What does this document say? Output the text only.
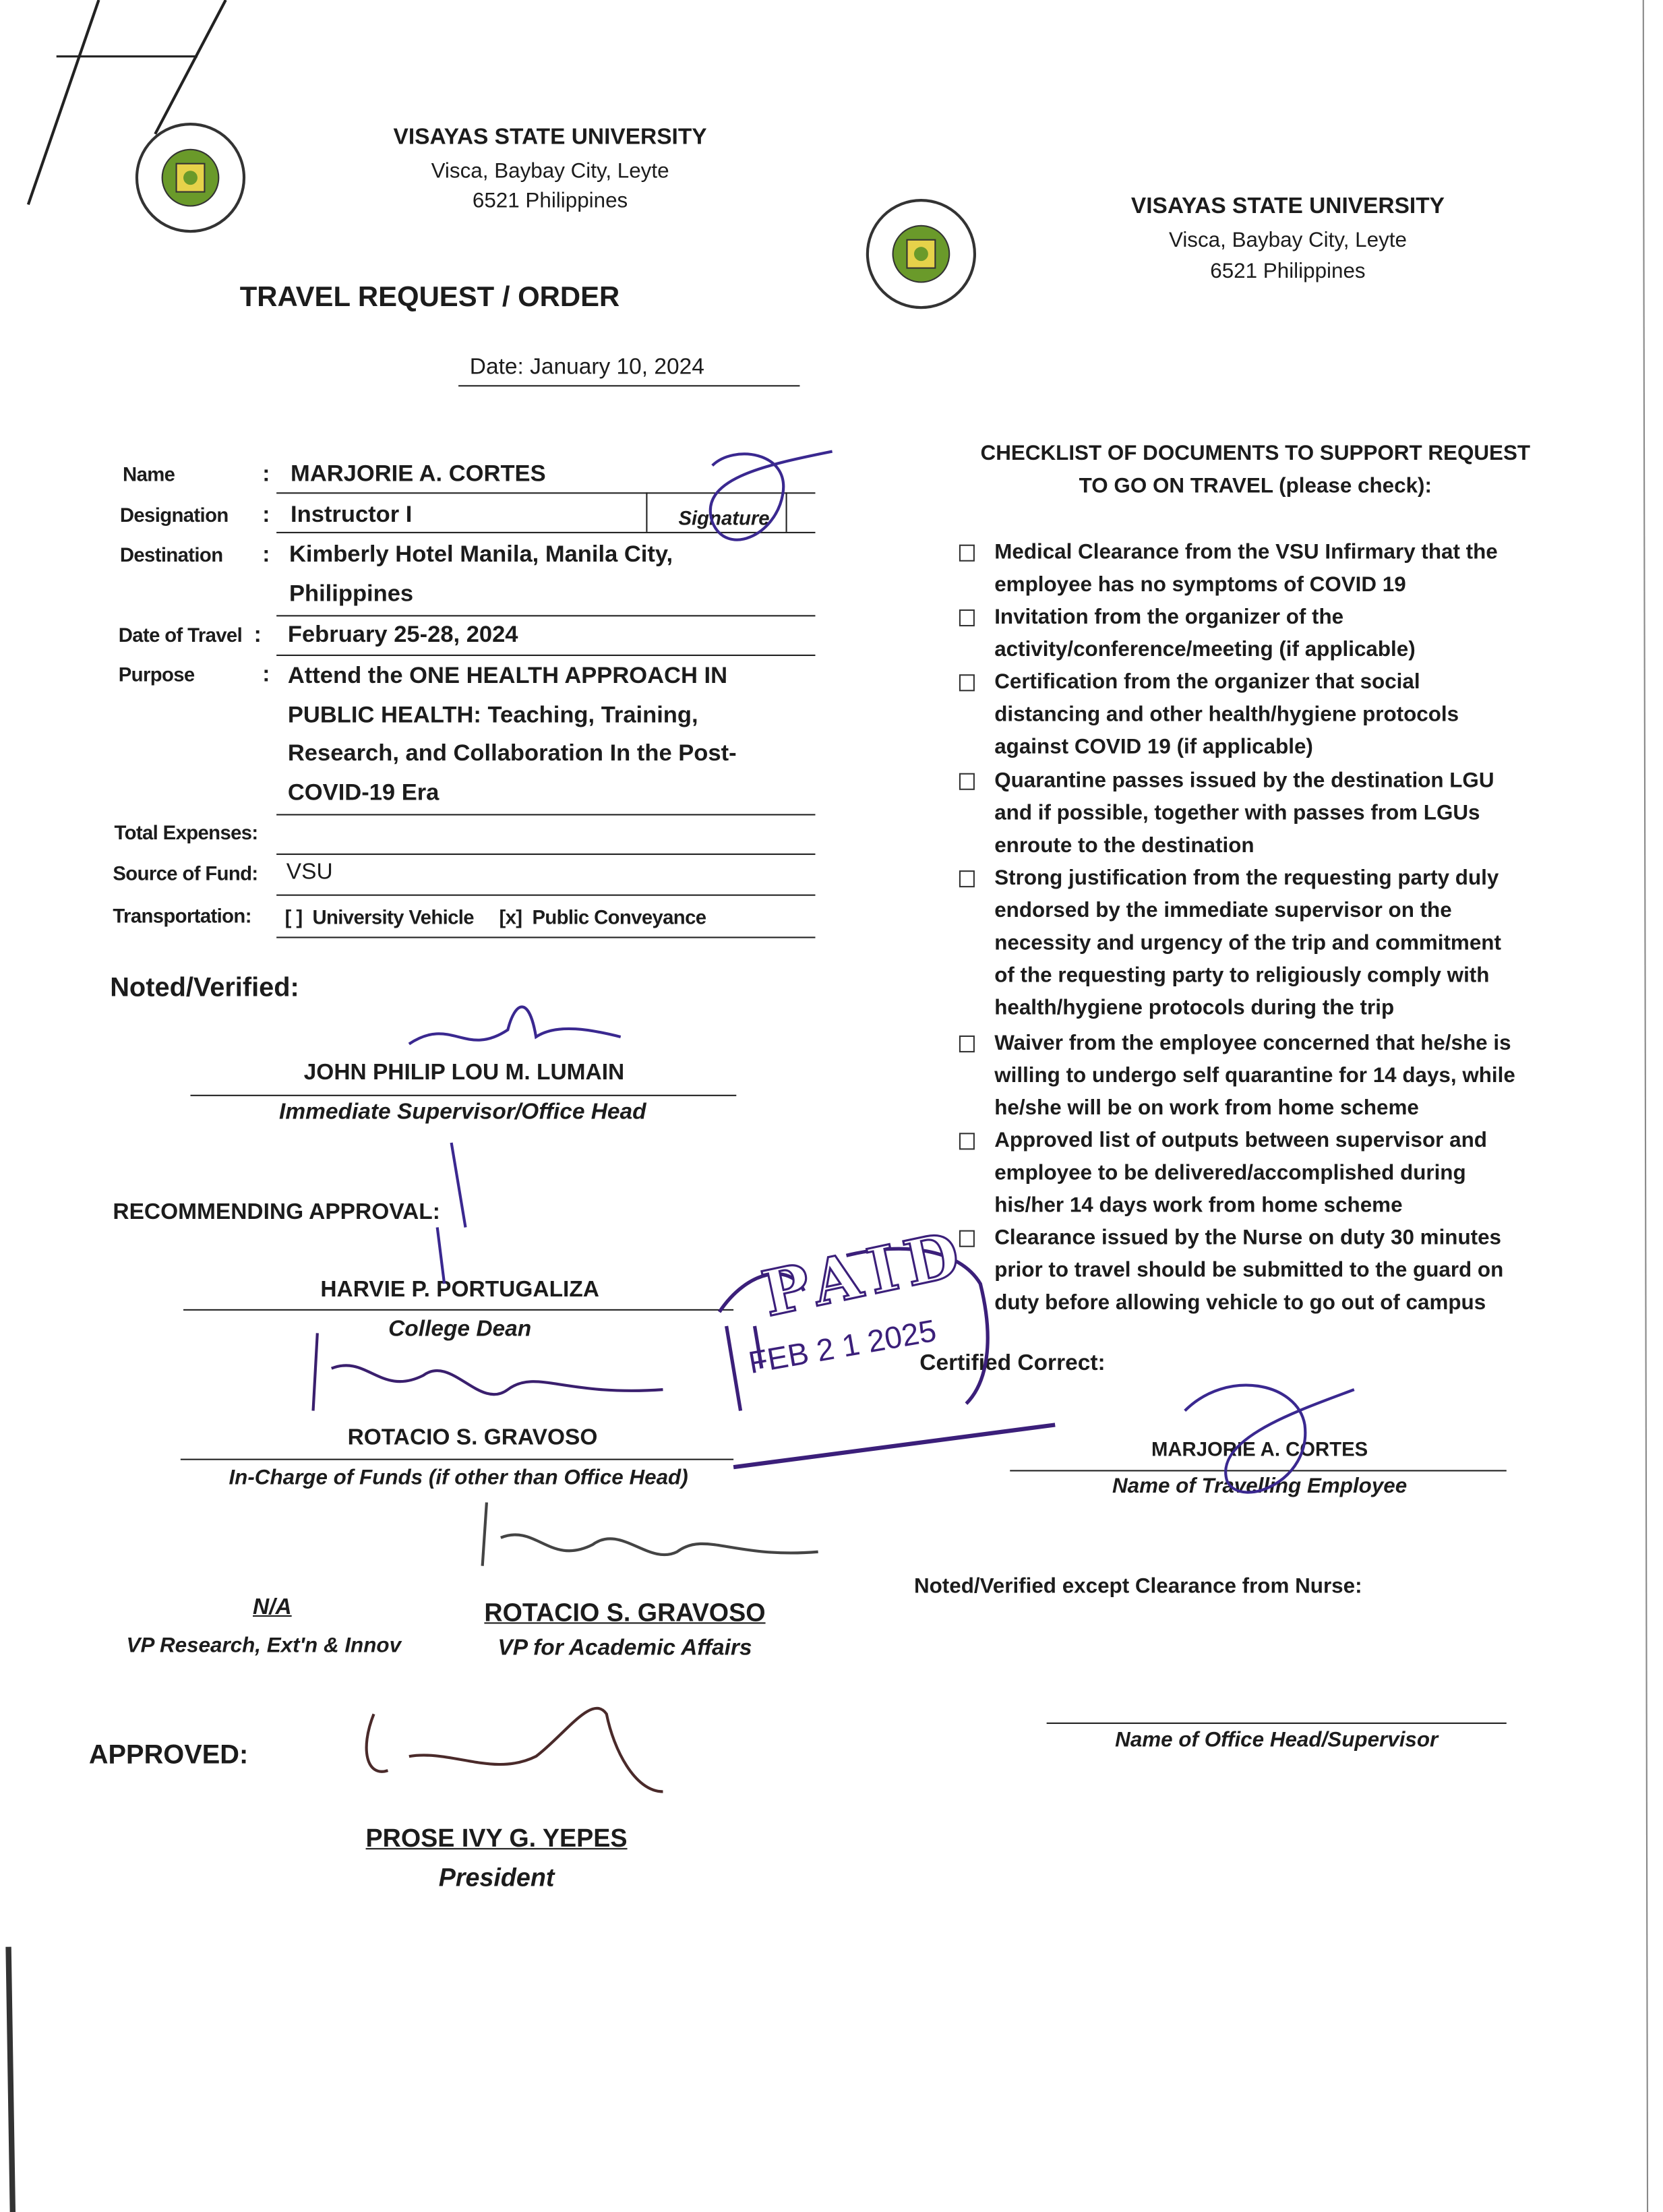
VISAYAS STATE UNIVERSITY
Visca, Baybay City, Leyte
6521 Philippines	VISAYAS STATE UNIVERSITY
Visca, Baybay City, Leyte
6521 Philippines
TRAVEL REQUEST / ORDER
Date: January 10, 2024
Name	: MARJORIE A. CORTES
Designation	: Instructor I	Signature
Destination	: Kimberly Hotel Manila, Manila City,
Philippines
Date of Travel : February 25-28, 2024
Purpose	: Attend the ONE HEALTH APPROACH IN
PUBLIC HEALTH: Teaching, Training,
Research, and Collaboration In the Post-
COVID-19 Era
Total Expenses:
Source of Fund:	VSU
Transportation:	[ ]  University Vehicle     [x]  Public Conveyance
Noted/Verified:
JOHN PHILIP LOU M. LUMAIN
Immediate Supervisor/Office Head
RECOMMENDING APPROVAL:
HARVIE P. PORTUGALIZA
College Dean
ROTACIO S. GRAVOSO
In-Charge of Funds (if other than Office Head)
N/A
VP Research, Ext'n & Innov
ROTACIO S. GRAVOSO
VP for Academic Affairs
APPROVED:
PROSE IVY G. YEPES
President
CHECKLIST OF DOCUMENTS TO SUPPORT REQUEST
TO GO ON TRAVEL (please check):
Medical Clearance from the VSU Infirmary that the
employee has no symptoms of COVID 19
Invitation from the organizer of the
activity/conference/meeting (if applicable)
Certification from the organizer that social
distancing and other health/hygiene protocols
against COVID 19 (if applicable)
Quarantine passes issued by the destination LGU
and if possible, together with passes from LGUs
enroute to the destination
Strong justification from the requesting party duly
endorsed by the immediate supervisor on the
necessity and urgency of the trip and commitment
of the requesting party to religiously comply with
health/hygiene protocols during the trip
Waiver from the employee concerned that he/she is
willing to undergo self quarantine for 14 days, while
he/she will be on work from home scheme
Approved list of outputs between supervisor and
employee to be delivered/accomplished during
his/her 14 days work from home scheme
Clearance issued by the Nurse on duty 30 minutes
prior to travel should be submitted to the guard on
duty before allowing vehicle to go out of campus
Certified Correct:
MARJORIE A. CORTES
Name of Travelling Employee
Noted/Verified except Clearance from Nurse:
Name of Office Head/Supervisor
PAID
FEB 2 1 2025
